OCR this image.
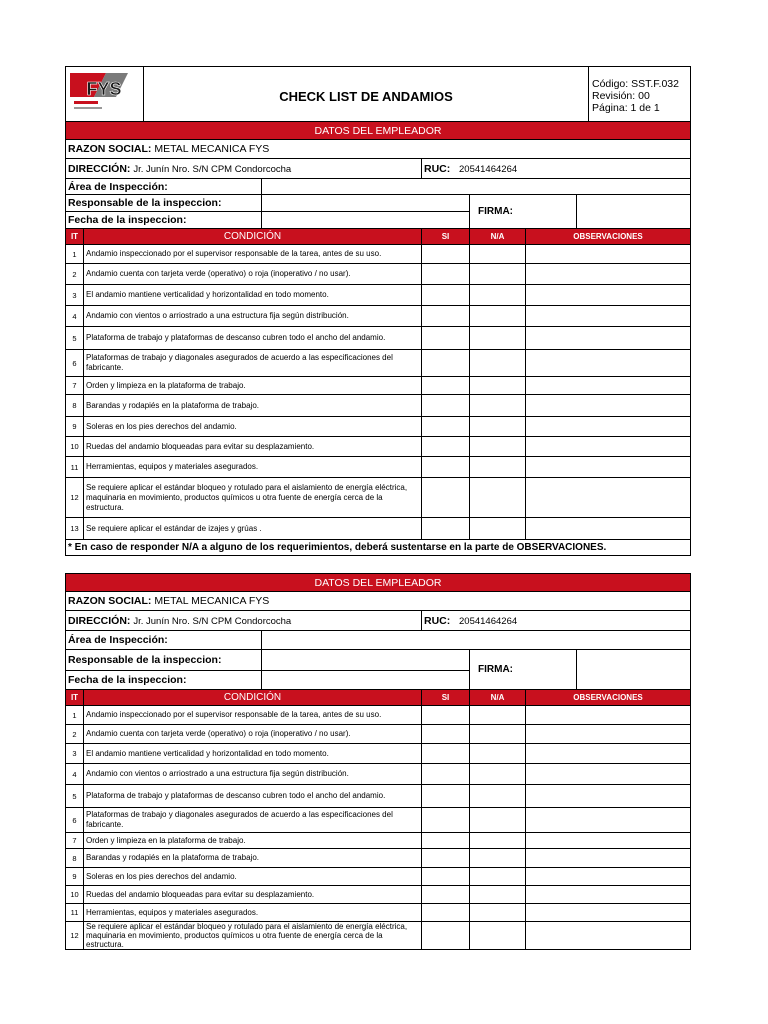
FYS	CHECK LIST DE ANDAMIOS	
Código: SST.F.032
Revisión: 00
Página: 1 de 1
DATOS DEL EMPLEADOR						
RAZON SOCIAL: METAL MECANICA FYS						
DIRECCIÓN: Jr. Junín Nro. S/N CPM Condorcocha			RUC: 20541464264			
Área de Inspección:						
Responsable de la inspeccion:				FIRMA:		
Fecha de la inspeccion:						
IT	CONDICIÓN		SI	N/A	OBSERVACIONES	
1	Andamio inspeccionado por el supervisor responsable de la tarea, antes de su uso.					
2	Andamio cuenta con tarjeta verde (operativo) o roja (inoperativo / no usar).					
3	El andamio mantiene verticalidad y horizontalidad en todo momento.					
4	Andamio con vientos o arriostrado a una estructura fija según distribución.					
5	Plataforma de trabajo y plataformas de descanso cubren todo el ancho del andamio.					
6	Plataformas de trabajo y diagonales asegurados de acuerdo a las especificaciones del fabricante.					
7	Orden y limpieza en la plataforma de trabajo.					
8	Barandas y rodapiés en la plataforma de trabajo.					
9	Soleras en los pies derechos del andamio.					
10	Ruedas del andamio bloqueadas para evitar su desplazamiento.					
11	Herramientas, equipos y materiales asegurados.					
12	Se requiere aplicar el estándar bloqueo y rotulado para el aislamiento de energía eléctrica, maquinaria en movimiento, productos químicos u otra fuente de energía cerca de la estructura.					
13	Se requiere aplicar el estándar de izajes y grúas .					
* En caso de responder N/A a alguno de los requerimientos, deberá sustentarse en la parte de OBSERVACIONES.						
DATOS DEL EMPLEADOR						
RAZON SOCIAL: METAL MECANICA FYS						
DIRECCIÓN: Jr. Junín Nro. S/N CPM Condorcocha			RUC: 20541464264			
Área de Inspección:						
Responsable de la inspeccion:				FIRMA:		
Fecha de la inspeccion:						
IT	CONDICIÓN		SI	N/A	OBSERVACIONES	
1	Andamio inspeccionado por el supervisor responsable de la tarea, antes de su uso.					
2	Andamio cuenta con tarjeta verde (operativo) o roja (inoperativo / no usar).					
3	El andamio mantiene verticalidad y horizontalidad en todo momento.					
4	Andamio con vientos o arriostrado a una estructura fija según distribución.					
5	Plataforma de trabajo y plataformas de descanso cubren todo el ancho del andamio.					
6	Plataformas de trabajo y diagonales asegurados de acuerdo a las especificaciones del fabricante.					
7	Orden y limpieza en la plataforma de trabajo.					
8	Barandas y rodapiés en la plataforma de trabajo.					
9	Soleras en los pies derechos del andamio.					
10	Ruedas del andamio bloqueadas para evitar su desplazamiento.					
11	Herramientas, equipos y materiales asegurados.					
12	Se requiere aplicar el estándar bloqueo y rotulado para el aislamiento de energía eléctrica, maquinaria en movimiento, productos químicos u otra fuente de energía cerca de la estructura.					
